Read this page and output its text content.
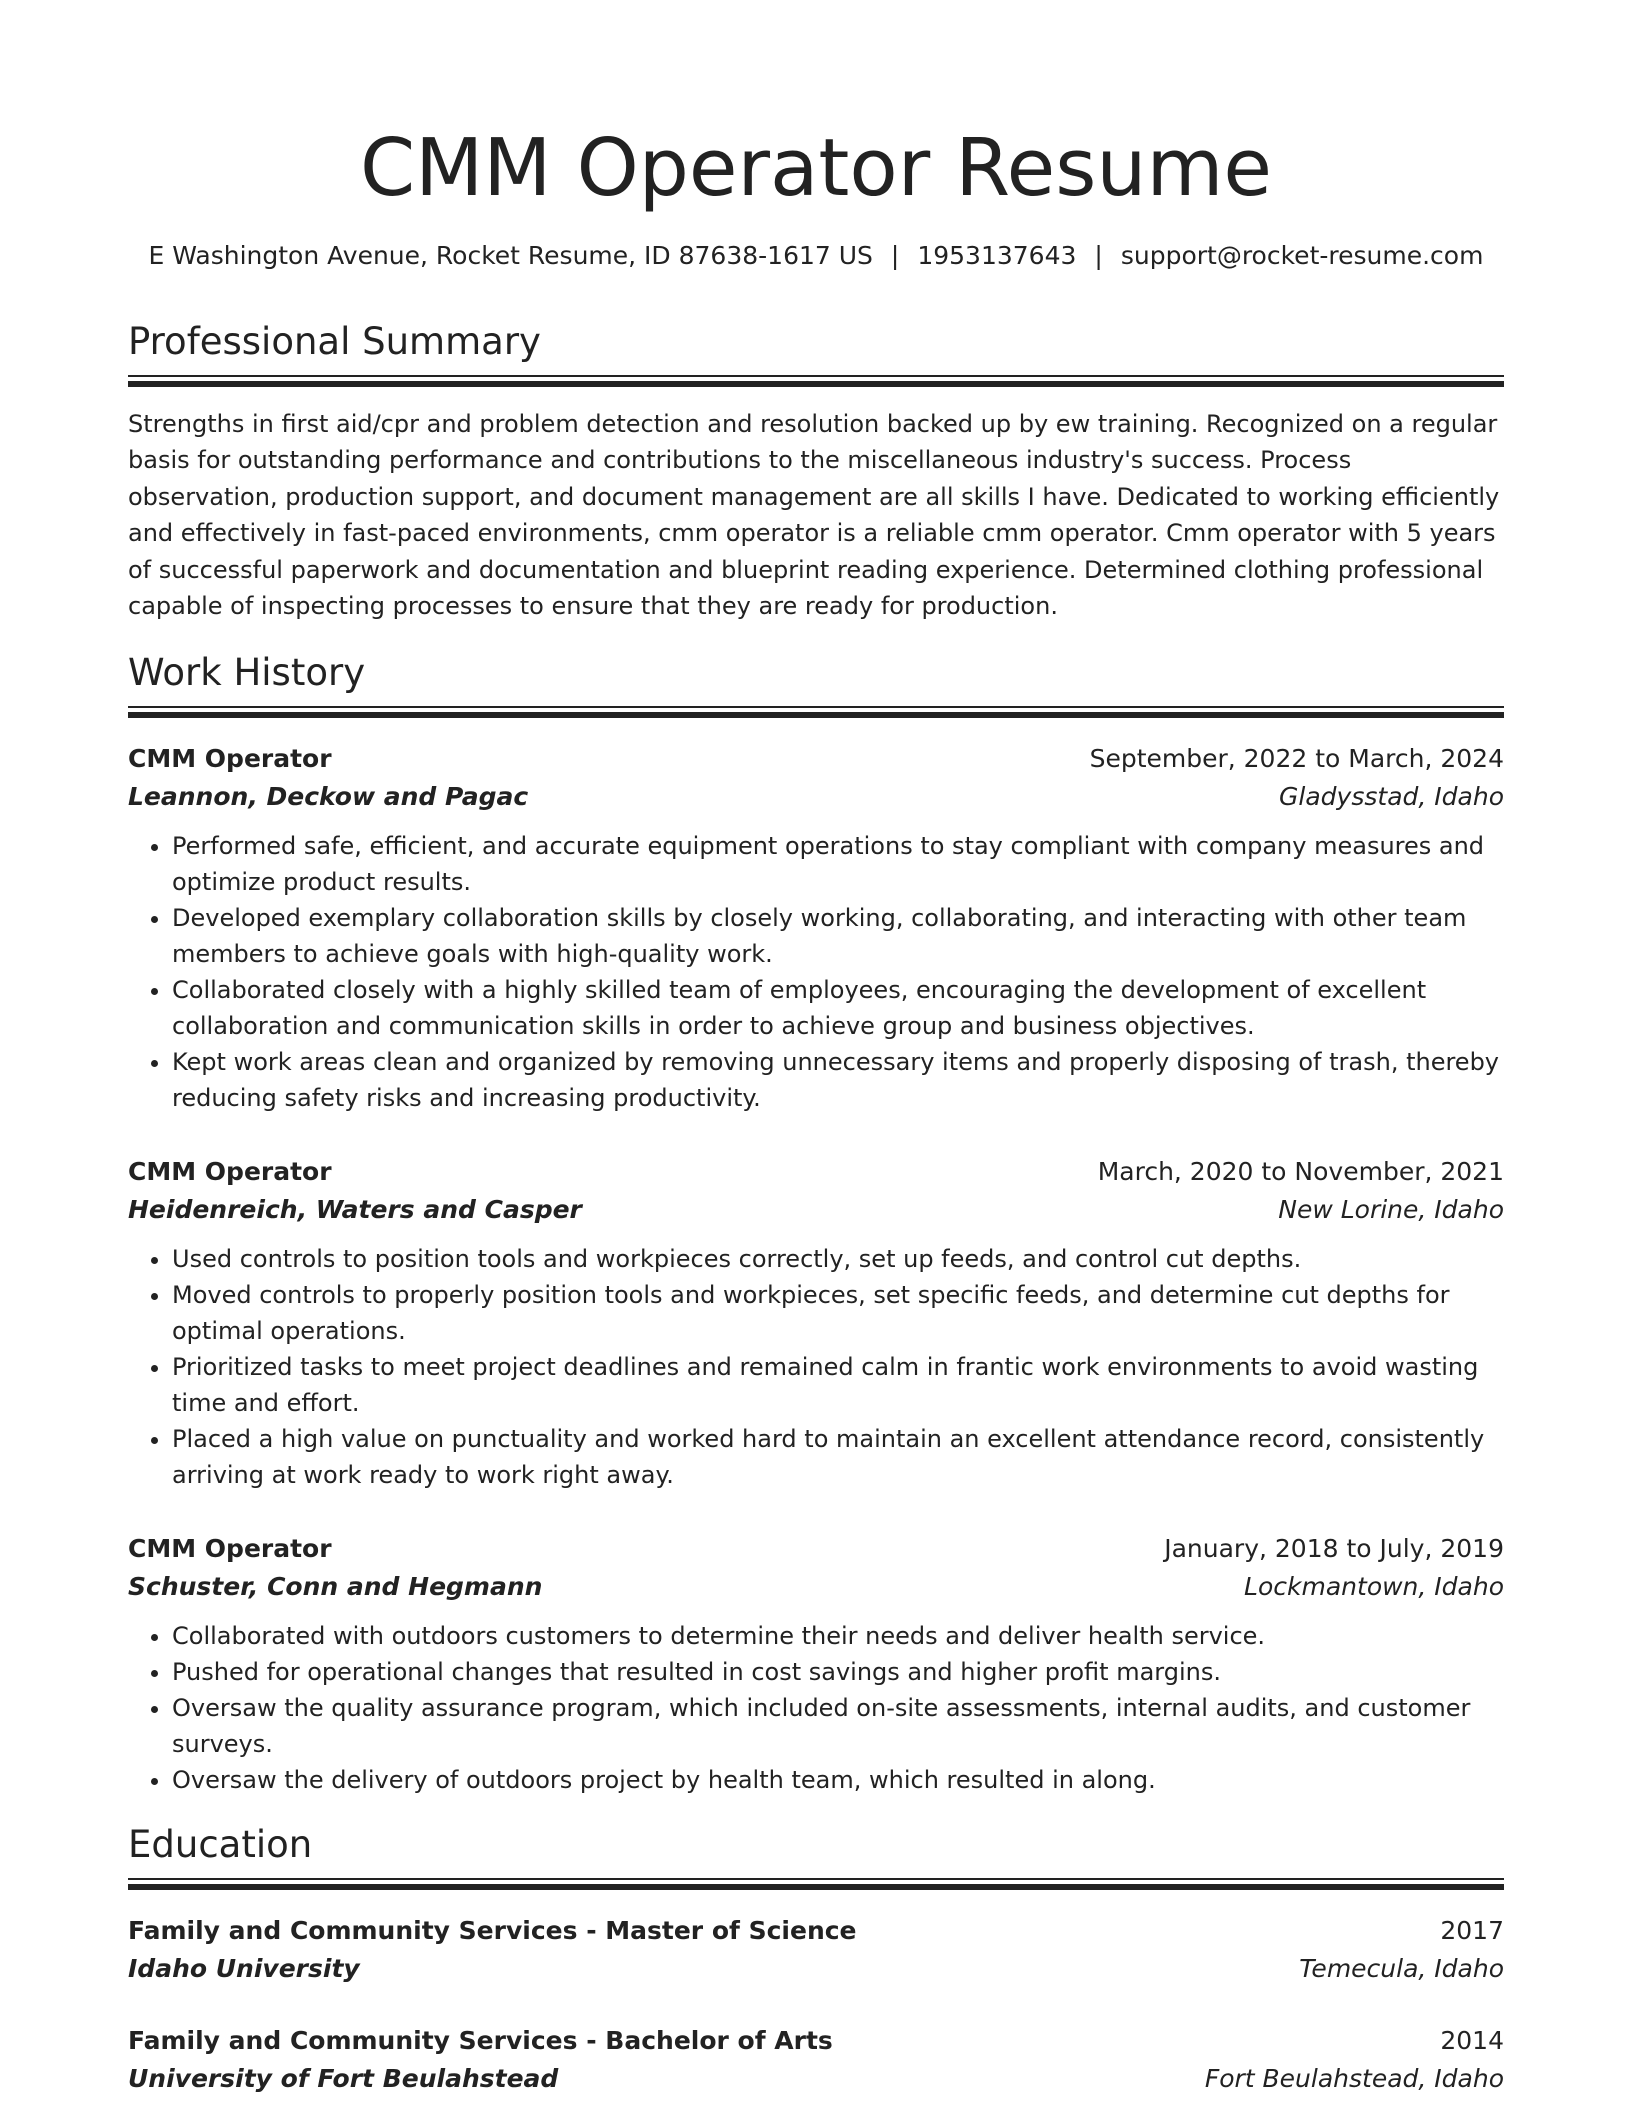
CMM Operator Resume
E Washington Avenue, Rocket Resume, ID 87638-1617 US | 1953137643 | support@rocket-resume.com
Professional Summary
Strengths in first aid/cpr and problem detection and resolution backed up by ew training. Recognized on a regular basis for outstanding performance and contributions to the miscellaneous industry's success. Process observation, production support, and document management are all skills I have. Dedicated to working efficiently and effectively in fast-paced environments, cmm operator is a reliable cmm operator. Cmm operator with 5 years of successful paperwork and documentation and blueprint reading experience. Determined clothing professional capable of inspecting processes to ensure that they are ready for production.
Work History
CMM Operator	September, 2022 to March, 2024
Leannon, Deckow and Pagac	Gladysstad, Idaho
• Performed safe, efficient, and accurate equipment operations to stay compliant with company measures and optimize product results.
• Developed exemplary collaboration skills by closely working, collaborating, and interacting with other team members to achieve goals with high-quality work.
• Collaborated closely with a highly skilled team of employees, encouraging the development of excellent collaboration and communication skills in order to achieve group and business objectives.
• Kept work areas clean and organized by removing unnecessary items and properly disposing of trash, thereby reducing safety risks and increasing productivity.
CMM Operator	March, 2020 to November, 2021
Heidenreich, Waters and Casper	New Lorine, Idaho
• Used controls to position tools and workpieces correctly, set up feeds, and control cut depths.
• Moved controls to properly position tools and workpieces, set specific feeds, and determine cut depths for optimal operations.
• Prioritized tasks to meet project deadlines and remained calm in frantic work environments to avoid wasting time and effort.
• Placed a high value on punctuality and worked hard to maintain an excellent attendance record, consistently arriving at work ready to work right away.
CMM Operator	January, 2018 to July, 2019
Schuster, Conn and Hegmann	Lockmantown, Idaho
• Collaborated with outdoors customers to determine their needs and deliver health service.
• Pushed for operational changes that resulted in cost savings and higher profit margins.
• Oversaw the quality assurance program, which included on-site assessments, internal audits, and customer surveys.
• Oversaw the delivery of outdoors project by health team, which resulted in along.
Education
Family and Community Services - Master of Science	2017
Idaho University	Temecula, Idaho
Family and Community Services - Bachelor of Arts	2014
University of Fort Beulahstead	Fort Beulahstead, Idaho
